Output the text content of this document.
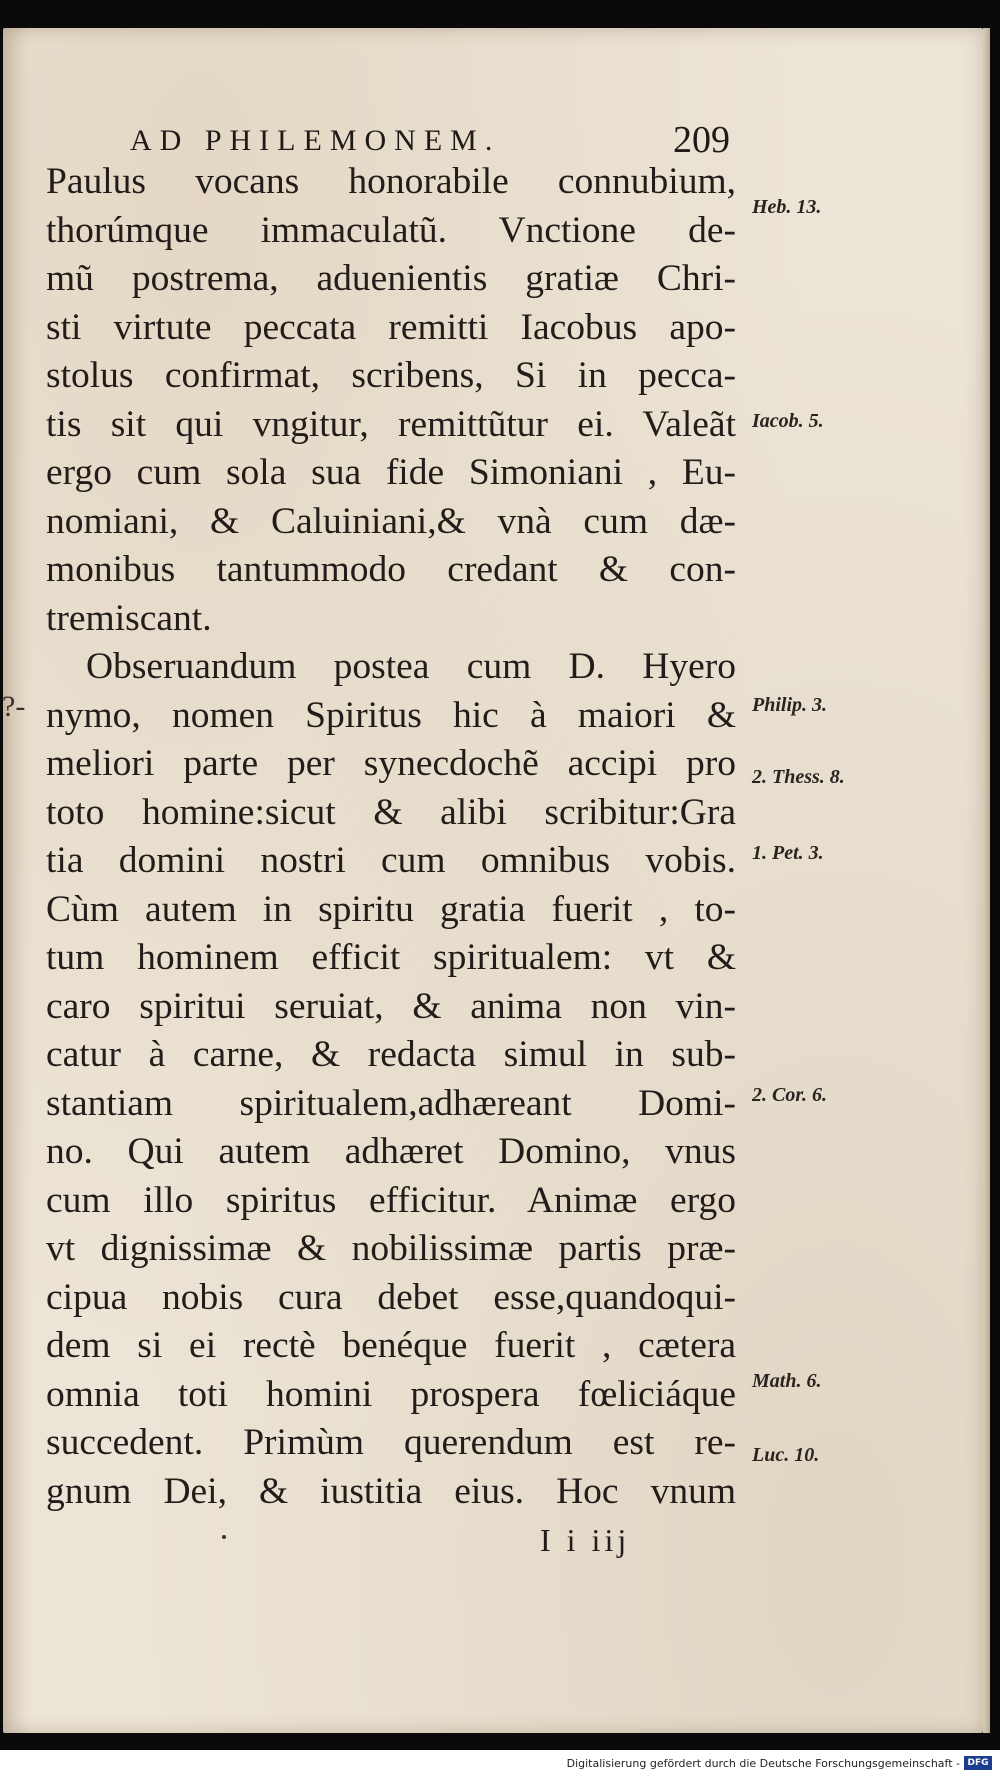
AD PHILEMONEM.	209
?-
Paulus vocans honorabile connubium,
thorúmque immaculatũ. Vnctione de-
mũ postrema, aduenientis gratiæ Chri-
sti virtute peccata remitti Iacobus apo-
stolus confirmat, scribens, Si in pecca-
tis sit qui vngitur, remittũtur ei. Valeãt
ergo cum sola sua fide Simoniani , Eu-
nomiani, & Caluiniani,& vnà cum dæ-
monibus tantummodo credant & con-
tremiscant.
Obseruandum postea cum D. Hyero
nymo, nomen Spiritus hic à maiori &
meliori parte per synecdochẽ accipi pro
toto homine:sicut & alibi scribitur:Gra
tia domini nostri cum omnibus vobis.
Cùm autem in spiritu gratia fuerit , to-
tum hominem efficit spiritualem: vt &
caro spiritui seruiat, & anima non vin-
catur à carne, & redacta simul in sub-
stantiam spiritualem,adhæreant Domi-
no. Qui autem adhæret Domino, vnus
cum illo spiritus efficitur. Animæ ergo
vt dignissimæ & nobilissimæ partis præ-
cipua nobis cura debet esse,quandoqui-
dem si ei rectè benéque fuerit , cætera
omnia toti homini prospera fœliciáque
succedent. Primùm querendum est re-
gnum Dei, & iustitia eius. Hoc vnum
Heb. 13.
Iacob. 5.
Philip. 3.
2. Thess. 8.
1. Pet. 3.
2. Cor. 6.
Math. 6.
Luc. 10.
I i iij
Digitalisierung gefördert durch die Deutsche Forschungsgemeinschaft - DFG
